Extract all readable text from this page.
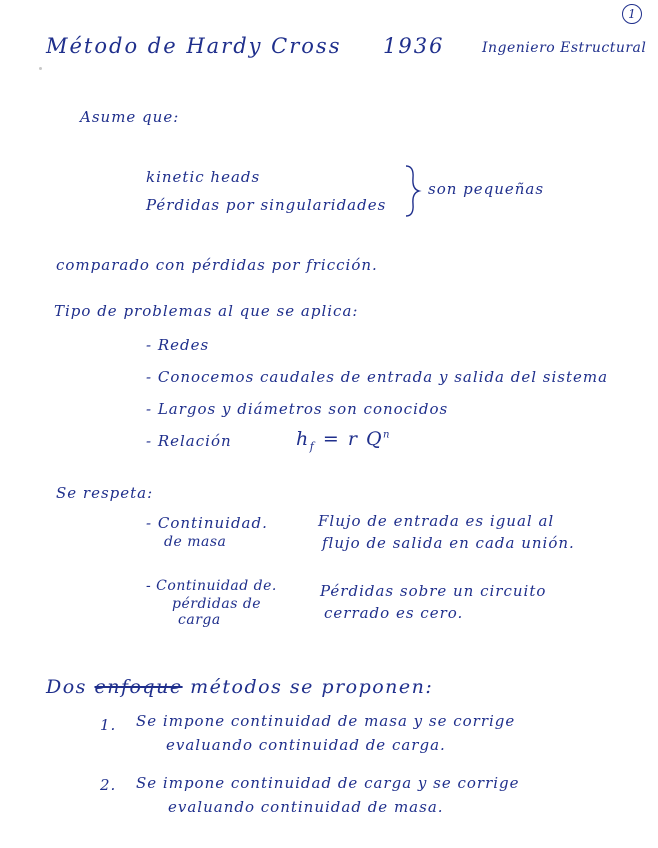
1
Método de Hardy Cross 1936	Ingeniero Estructural
Asume que:
kinetic heads
Pérdidas por singularidades
son pequeñas
comparado con pérdidas por fricción.
Tipo de problemas al que se aplica:
- Redes
- Conocemos caudales de entrada y salida del sistema
- Largos y diámetros son conocidos
- Relación	$h_f = r$ $Q^n$
Se respeta:
- Continuidad.
de masa
Flujo de entrada es igual al
flujo de salida en cada unión.
- Continuidad de.
pérdidas de
carga
Pérdidas sobre un circuito
cerrado es cero.
Dos enfoque métodos se proponen:
1. Se impone continuidad de masa y se corrige
evaluando continuidad de carga.
2. Se impone continuidad de carga y se corrige
evaluando continuidad de masa.
